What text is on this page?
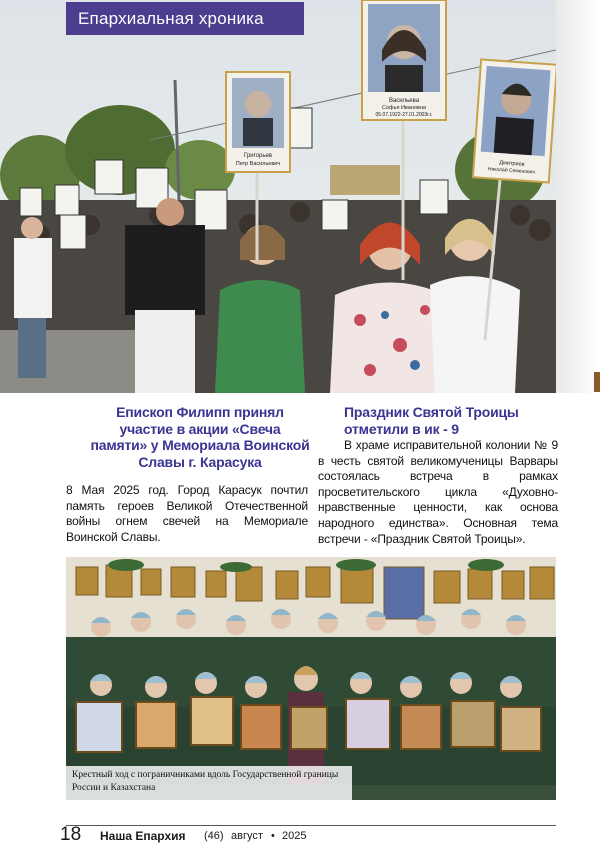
Григорьев
Петр Васильевич
Васильева
Софья Ивановна
05.07.1922-27.01.2003г.г.
Дмитриев
Николай Семенович
Епархиальная хроника
Епископ Филипп принял участие в акции «Свеча памяти» у Мемориала Воинской Славы г. Карасука
8 Мая 2025 год. Город Карасук почтил память героев Великой Отечественной войны огнем свечей на Мемориале Воинской Славы.
Праздник Святой Троицы отметили в ик - 9
В храме исправительной колонии № 9 в честь святой великомученицы Варвары состоялась встреча в рамках просветительского цикла «Духовно-нравственные ценности, как основа народного единства». Основная тема встречи - «Праздник Святой Троицы».
Крестный ход с пограничниками вдоль Государственной границы России и Казахстана
18 Наша Епархия (46) август • 2025
